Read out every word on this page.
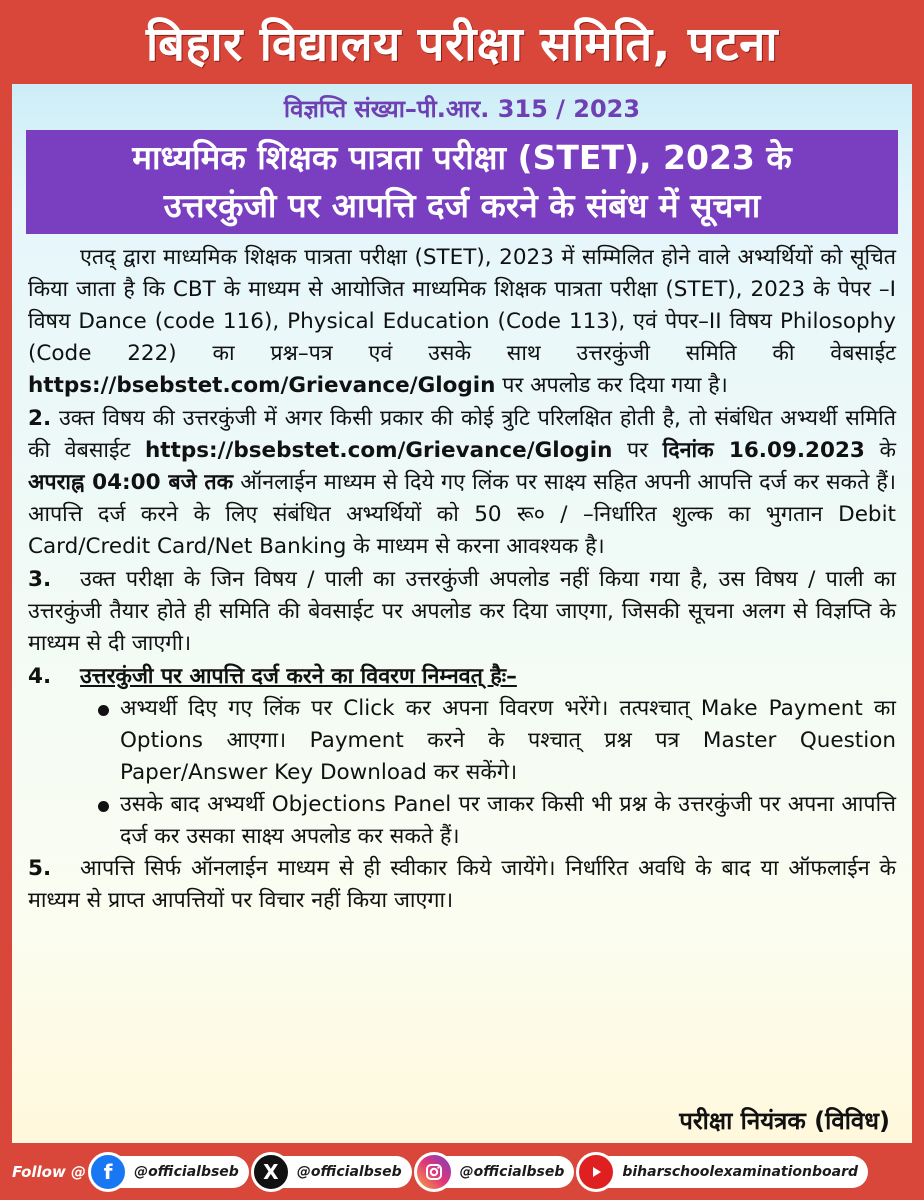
बिहार विद्यालय परीक्षा समिति, पटना
विज्ञप्ति संख्या–पी.आर. 315 / 2023
माध्यमिक शिक्षक पात्रता परीक्षा (STET), 2023 के
उत्तरकुंजी पर आपत्ति दर्ज करने के संबंध में सूचना

एतद् द्वारा माध्यमिक शिक्षक पात्रता परीक्षा (STET), 2023 में सम्मिलित होने वाले अभ्यर्थियों को सूचित किया जाता है कि CBT के माध्यम से आयोजित माध्यमिक शिक्षक पात्रता परीक्षा (STET), 2023 के पेपर –I विषय Dance (code 116), Physical Education (Code 113), एवं पेपर–II विषय Philosophy (Code 222) का प्रश्न–पत्र एवं उसके साथ उत्तरकुंजी समिति की वेबसाईट https://bsebstet.com/Grievance/Glogin पर अपलोड कर दिया गया है।

2. उक्त विषय की उत्तरकुंजी में अगर किसी प्रकार की कोई त्रुटि परिलक्षित होती है, तो संबंधित अभ्यर्थी समिति की वेबसाईट https://bsebstet.com/Grievance/Glogin पर दिनांक 16.09.2023 के अपराह्न 04:00 बजे तक ऑनलाईन माध्यम से दिये गए लिंक पर साक्ष्य सहित अपनी आपत्ति दर्ज कर सकते हैं। आपत्ति दर्ज करने के लिए संबंधित अभ्यर्थियों को 50 रू० / –निर्धारित शुल्क का भुगतान Debit Card/Credit Card/Net Banking के माध्यम से करना आवश्यक है।

3. उक्त परीक्षा के जिन विषय / पाली का उत्तरकुंजी अपलोड नहीं किया गया है, उस विषय / पाली का उत्तरकुंजी तैयार होते ही समिति की बेवसाईट पर अपलोड कर दिया जाएगा, जिसकी सूचना अलग से विज्ञप्ति के माध्यम से दी जाएगी।

4.	उत्तरकुंजी पर आपत्ति दर्ज करने का विवरण निम्नवत् हैः–
अभ्यर्थी दिए गए लिंक पर Click कर अपना विवरण भरेंगे। तत्पश्चात् Make Payment का Options आएगा। Payment करने के पश्चात् प्रश्न पत्र Master Question Paper/Answer Key Download कर सकेंगे।
उसके बाद अभ्यर्थी Objections Panel पर जाकर किसी भी प्रश्न के उत्तरकुंजी पर अपना आपत्ति दर्ज कर उसका साक्ष्य अपलोड कर सकते हैं।

5. आपत्ति सिर्फ ऑनलाईन माध्यम से ही स्वीकार किये जायेंगे। निर्धारित अवधि के बाद या ऑफलाईन के माध्यम से प्राप्त आपत्तियों पर विचार नहीं किया जाएगा।

परीक्षा नियंत्रक (विविध)
Follow @ f	@officialbseb	X	@officialbseb	@officialbseb	biharschoolexaminationboard
